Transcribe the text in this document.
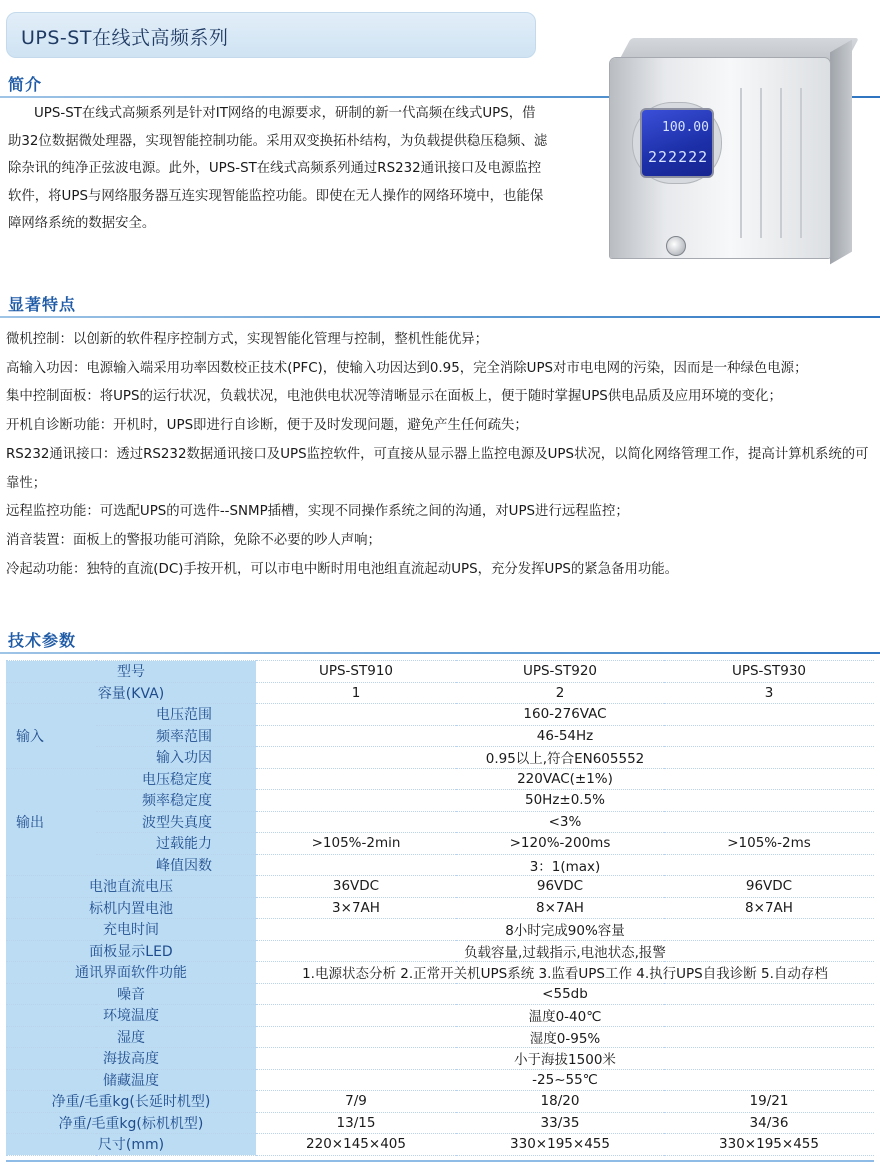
UPS-ST在线式高频系列
简介

UPS-ST在线式高频系列是针对IT网络的电源要求，研制的新一代高频在线式UPS，借助32位数据微处理器，实现智能控制功能。采用双变换拓朴结构，为负载提供稳压稳频、滤除杂讯的纯净正弦波电源。此外，UPS-ST在线式高频系列通过RS232通讯接口及电源监控软件，将UPS与网络服务器互连实现智能监控功能。即使在无人操作的网络环境中，也能保障网络系统的数据安全。

100.00
222222
显著特点
微机控制：以创新的软件程序控制方式，实现智能化管理与控制，整机性能优异；
高输入功因：电源输入端采用功率因数校正技术(PFC)，使输入功因达到0.95，完全消除UPS对市电电网的污染，因而是一种绿色电源；
集中控制面板：将UPS的运行状况，负载状况，电池供电状况等清晰显示在面板上，便于随时掌握UPS供电品质及应用环境的变化；
开机自诊断功能：开机时，UPS即进行自诊断，便于及时发现问题，避免产生任何疏失；
RS232通讯接口：透过RS232数据通讯接口及UPS监控软件，可直接从显示器上监控电源及UPS状况，以简化网络管理工作，提高计算机系统的可靠性；
远程监控功能：可选配UPS的可选件--SNMP插槽，实现不同操作系统之间的沟通，对UPS进行远程监控；
消音装置：面板上的警报功能可消除，免除不必要的吵人声响；
冷起动功能：独特的直流(DC)手按开机，可以市电中断时用电池组直流起动UPS，充分发挥UPS的紧急备用功能。
技术参数
型号		UPS-ST910	UPS-ST920	UPS-ST930
容量(KVA)		1	2	3
输入	电压范围	160-276VAC		
	频率范围	46-54Hz		
	输入功因	0.95以上,符合EN605552		
输出	电压稳定度	220VAC(±1%)		
	频率稳定度	50Hz±0.5%		
	波型失真度	<3%		
	过载能力	>105%-2min	>120%-200ms	>105%-2ms
	峰值因数	3：1(max)		
电池直流电压		36VDC	96VDC	96VDC
标机内置电池		3×7AH	8×7AH	8×7AH
充电时间		8小时完成90%容量		
面板显示LED		负载容量,过载指示,电池状态,报警		
通讯界面软件功能		1.电源状态分析 2.正常开关机UPS系统 3.监看UPS工作 4.执行UPS自我诊断 5.自动存档		
噪音		<55db		
环境温度		温度0-40℃		
湿度		湿度0-95%		
海拔高度		小于海拔1500米		
储藏温度		-25~55℃		
净重/毛重kg(长延时机型)		7/9	18/20	19/21
净重/毛重kg(标机机型)		13/15	33/35	34/36
尺寸(mm)		220×145×405	330×195×455	330×195×455
